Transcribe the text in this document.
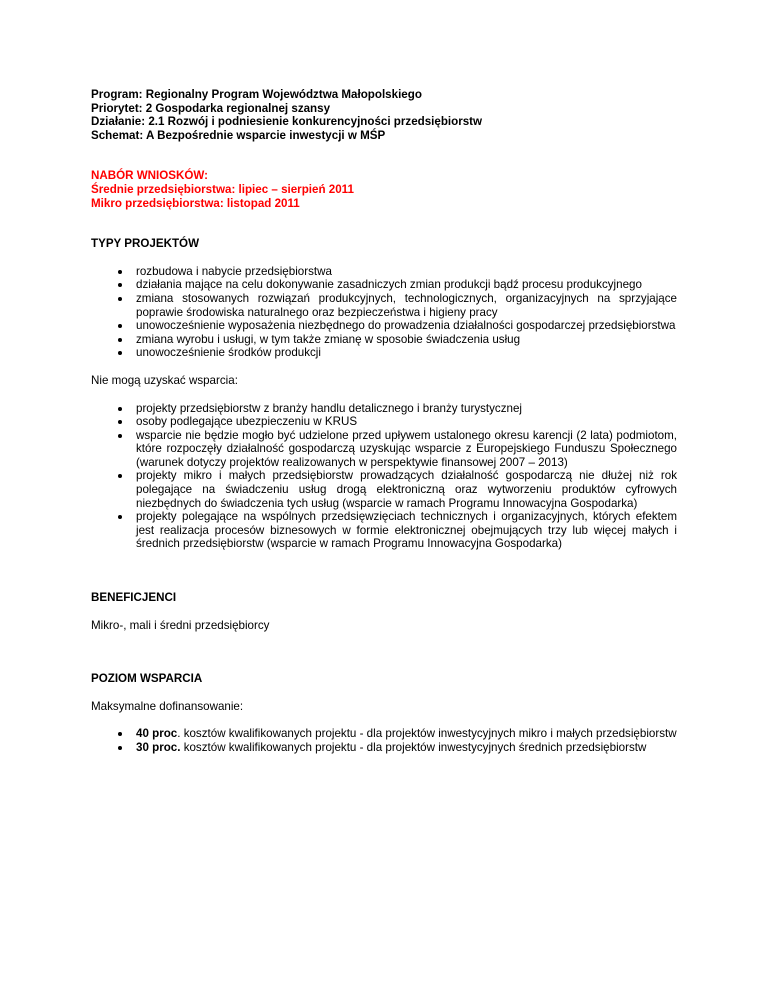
Program: Regionalny Program Województwa Małopolskiego

Priorytet: 2 Gospodarka regionalnej szansy

Działanie: 2.1 Rozwój i podniesienie konkurencyjności przedsiębiorstw

Schemat: A Bezpośrednie wsparcie inwestycji w MŚP

NABÓR WNIOSKÓW:

Średnie przedsiębiorstwa: lipiec – sierpień 2011

Mikro przedsiębiorstwa: listopad 2011

TYPY PROJEKTÓW

rozbudowa i nabycie przedsiębiorstwa
działania mające na celu dokonywanie zasadniczych zmian produkcji bądź procesu produkcyjnego
zmiana stosowanych rozwiązań produkcyjnych, technologicznych, organizacyjnych na sprzyjające poprawie środowiska naturalnego oraz bezpieczeństwa i higieny pracy
unowocześnienie wyposażenia niezbędnego do prowadzenia działalności gospodarczej przedsiębiorstwa
zmiana wyrobu i usługi, w tym także zmianę w sposobie świadczenia usług
unowocześnienie środków produkcji

Nie mogą uzyskać wsparcia:

projekty przedsiębiorstw z branży handlu detalicznego i branży turystycznej
osoby podlegające ubezpieczeniu w KRUS
wsparcie nie będzie mogło być udzielone przed upływem ustalonego okresu karencji (2 lata) podmiotom, które rozpoczęły działalność gospodarczą uzyskując wsparcie z Europejskiego Funduszu Społecznego (warunek dotyczy projektów realizowanych w perspektywie finansowej 2007 – 2013)
projekty mikro i małych przedsiębiorstw prowadzących działalność gospodarczą nie dłużej niż rok polegające na świadczeniu usług drogą elektroniczną oraz wytworzeniu produktów cyfrowych niezbędnych do świadczenia tych usług (wsparcie w ramach Programu Innowacyjna Gospodarka)
projekty polegające na wspólnych przedsięwzięciach technicznych i organizacyjnych, których efektem jest realizacja procesów biznesowych w formie elektronicznej obejmujących trzy lub więcej małych i średnich przedsiębiorstw (wsparcie w ramach Programu Innowacyjna Gospodarka)

BENEFICJENCI

Mikro-, mali i średni przedsiębiorcy

POZIOM WSPARCIA

Maksymalne dofinansowanie:

40 proc. kosztów kwalifikowanych projektu - dla projektów inwestycyjnych mikro i małych przedsiębiorstw
30 proc. kosztów kwalifikowanych projektu - dla projektów inwestycyjnych średnich przedsiębiorstw
